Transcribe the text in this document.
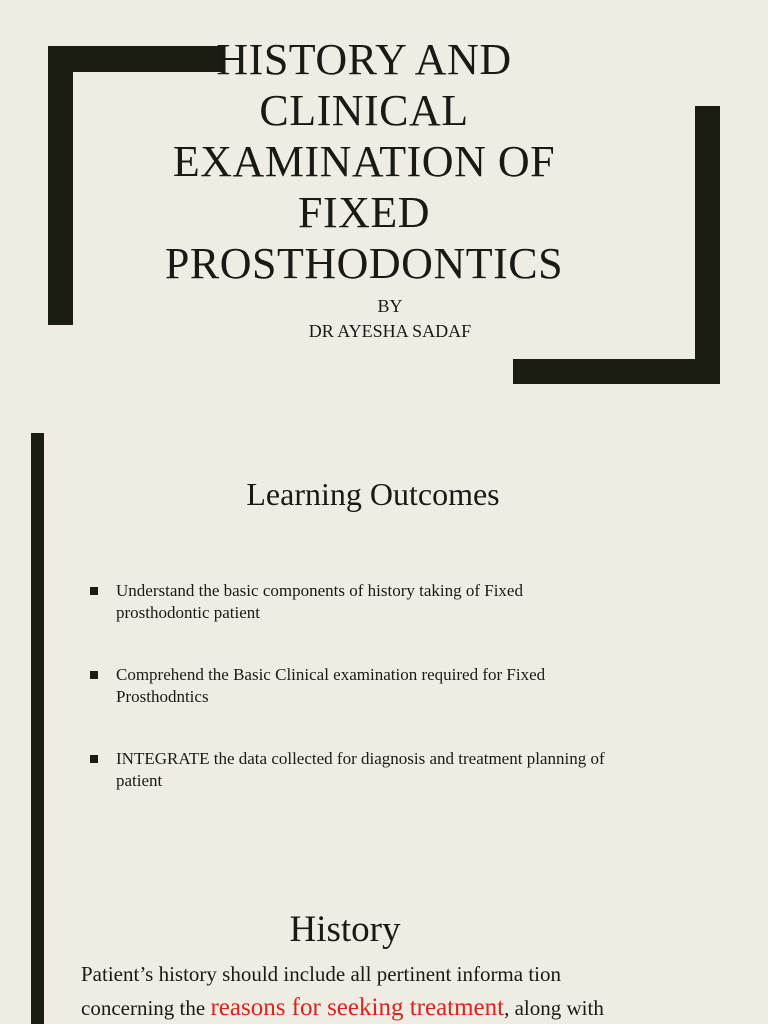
HISTORY AND
CLINICAL
EXAMINATION OF
FIXED
PROSTHODONTICS
BY
DR AYESHA SADAF
Learning Outcomes
Understand the basic components of history taking of Fixed
prosthodontic patient
Comprehend the Basic Clinical examination required for Fixed
Prosthodntics
INTEGRATE the data collected for diagnosis and treatment planning of
patient
History
Patient’s history should include all pertinent informa tion
concerning the reasons for seeking treatment, along with
